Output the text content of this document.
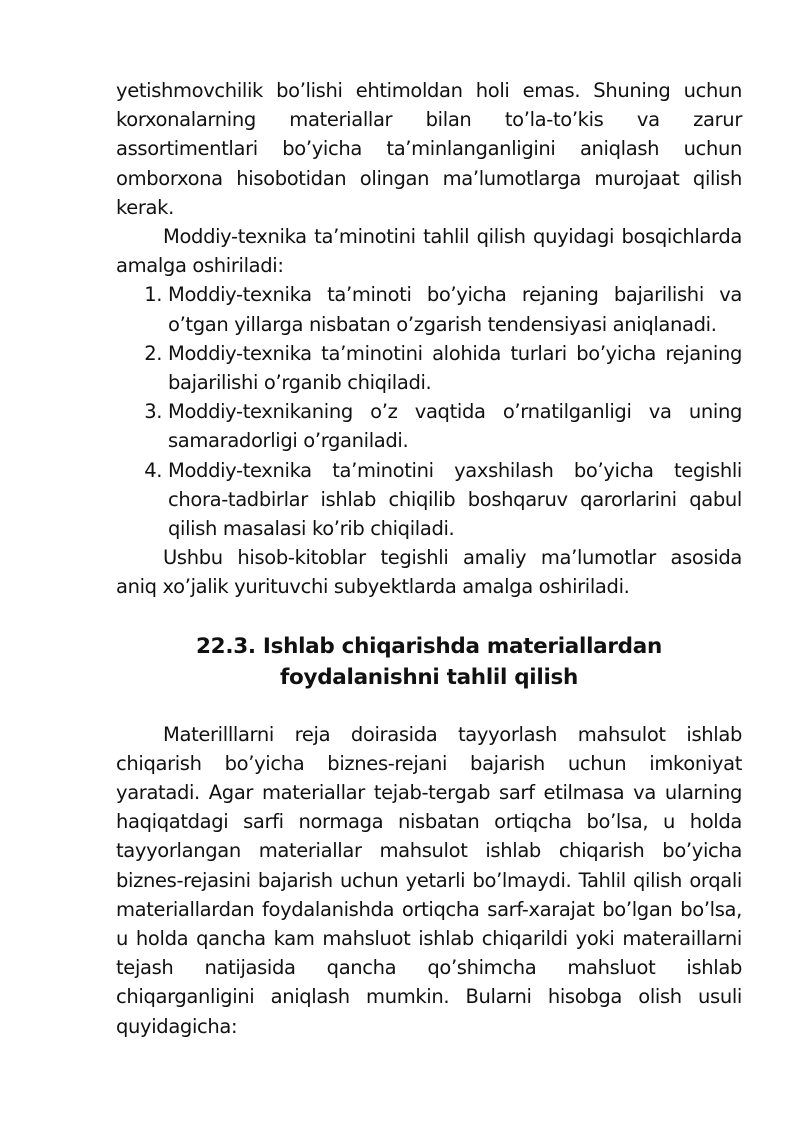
yetishmovchilik bo’lishi ehtimoldan holi emas. Shuning uchun korxonalarning materiallar bilan to’la-to’kis va zarur assortimentlari bo’yicha ta’minlanganligini aniqlash uchun omborxona hisobotidan olingan ma’lumotlarga murojaat qilish kerak.

Moddiy-texnika ta’minotini tahlil qilish quyidagi bosqichlarda amalga oshiriladi:

1. Moddiy-texnika ta’minoti bo’yicha rejaning bajarilishi va o’tgan yillarga nisbatan o’zgarish tendensiyasi aniqlanadi.
2. Moddiy-texnika ta’minotini alohida turlari bo’yicha rejaning bajarilishi o’rganib chiqiladi.
3. Moddiy-texnikaning o’z vaqtida o’rnatilganligi va uning samaradorligi o’rganiladi.
4. Moddiy-texnika ta’minotini yaxshilash bo’yicha tegishli chora-tadbirlar ishlab chiqilib boshqaruv qarorlarini qabul qilish masalasi ko’rib chiqiladi.

Ushbu hisob-kitoblar tegishli amaliy ma’lumotlar asosida aniq xo’jalik yurituvchi subyektlarda amalga oshiriladi.

22.3. Ishlab chiqarishda materiallardan
foydalanishni tahlil qilish

Materilllarni reja doirasida tayyorlash mahsulot ishlab chiqarish bo’yicha biznes-rejani bajarish uchun imkoniyat yaratadi. Agar materiallar tejab-tergab sarf etilmasa va ularning haqiqatdagi sarfi normaga nisbatan ortiqcha bo’lsa, u holda tayyorlangan materiallar mahsulot ishlab chiqarish bo’yicha biznes-rejasini bajarish uchun yetarli bo’lmaydi. Tahlil qilish orqali materiallardan foydalanishda ortiqcha sarf-xarajat bo’lgan bo’lsa, u holda qancha kam mahsluot ishlab chiqarildi yoki materaillarni tejash natijasida qancha qo’shimcha mahsluot ishlab chiqarganligini aniqlash mumkin. Bularni hisobga olish usuli quyidagicha:
